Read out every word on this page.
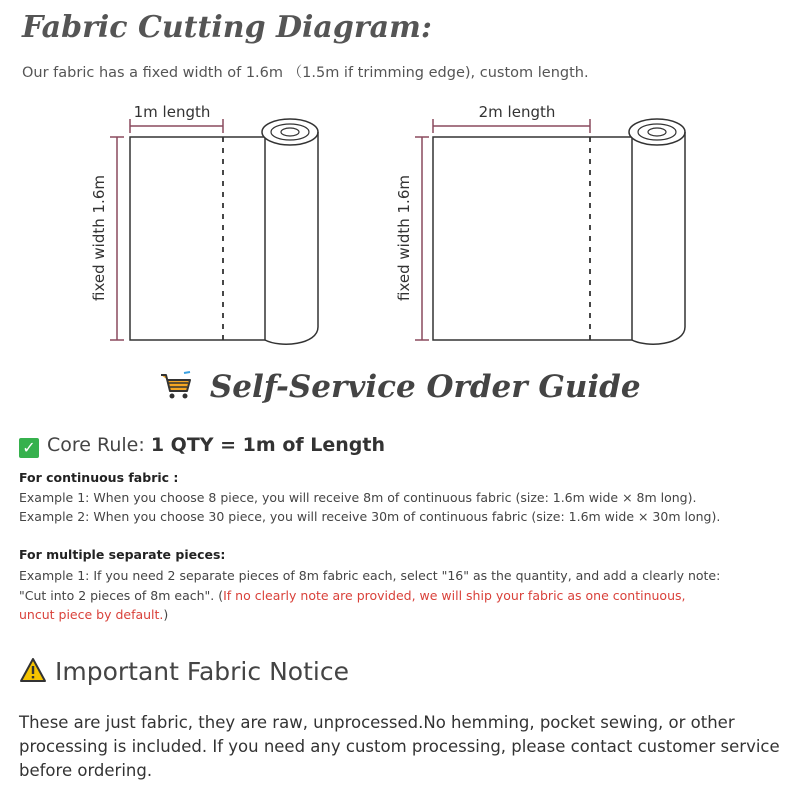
Fabric Cutting Diagram:
Our fabric has a fixed width of 1.6m （1.5m if trimming edge), custom length.
1m length
fixed width 1.6m
2m length
fixed width 1.6m
Self-Service Order Guide
✓ Core Rule: 1 QTY = 1m of Length
For continuous fabric :
Example 1: When you choose 8 piece, you will receive 8m of continuous fabric (size: 1.6m wide × 8m long).
Example 2: When you choose 30 piece, you will receive 30m of continuous fabric (size: 1.6m wide × 30m long).
For multiple separate pieces:
Example 1: If you need 2 separate pieces of 8m fabric each, select "16" as the quantity, and add a clearly note:
"Cut into 2 pieces of 8m each". (If no clearly note are provided, we will ship your fabric as one continuous,
uncut piece by default.)
Important Fabric Notice
These are just fabric, they are raw, unprocessed.No hemming, pocket sewing, or other processing is included. If you need any custom processing, please contact customer service before ordering.
